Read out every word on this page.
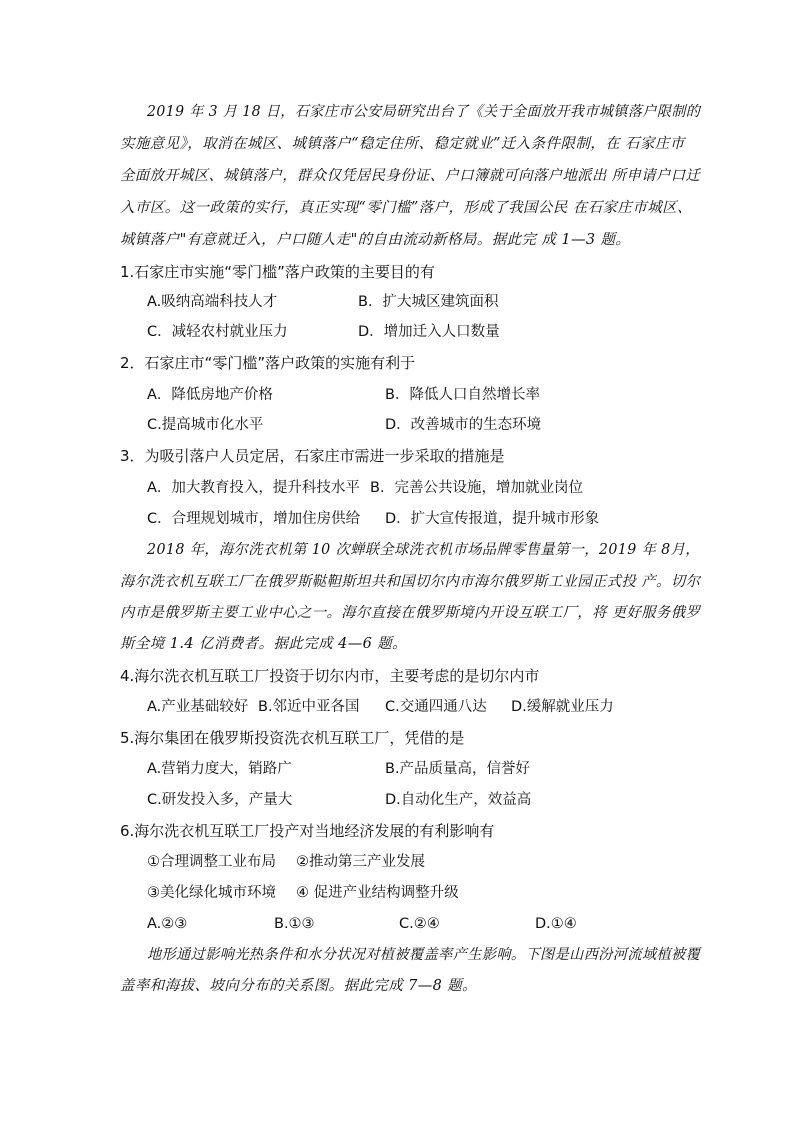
2019 年 3 月 18 日，石家庄市公安局研究出台了《关于全面放开我市城镇落户限制的
实施意见》，取消在城区、城镇落户“稳定住所、稳定就业”迁入条件限制，在 石家庄市
全面放开城区、城镇落户，群众仅凭居民身份证、户口簿就可向落户地派出 所申请户口迁
入市区。这一政策的实行，真正实现“零门槛”落户，形成了我国公民 在石家庄市城区、
城镇落户"有意就迁入，户口随人走"的自由流动新格局。据此完 成 1—3 题。
1.石家庄市实施“零门槛”落户政策的主要目的有
A.吸纳高端科技人才	B．扩大城区建筑面积
C．减轻农村就业压力	D．增加迁入人口数量
2．石家庄市“零门槛”落户政策的实施有利于
A．降低房地产价格	B．降低人口自然增长率
C.提高城市化水平	D．改善城市的生态环境
3．为吸引落户人员定居，石家庄市需进一步采取的措施是
A．加大教育投入，提升科技水平 B．完善公共设施，增加就业岗位
C．合理规划城市，增加住房供给 D．扩大宣传报道，提升城市形象
2018 年，海尔洗衣机第 10 次蝉联全球洗衣机市场品牌零售量第一，2019 年 8月，
海尔洗衣机互联工厂在俄罗斯鞑靼斯坦共和国切尔内市海尔俄罗斯工业园正式投 产。切尔
内市是俄罗斯主要工业中心之一。海尔直接在俄罗斯境内开设互联工厂，将 更好服务俄罗
斯全境 1.4 亿消费者。据此完成 4—6 题。
4.海尔洗衣机互联工厂投资于切尔内市，主要考虑的是切尔内市
A.产业基础较好 B.邻近中亚各国 C.交通四通八达 D.缓解就业压力
5.海尔集团在俄罗斯投资洗衣机互联工厂，凭借的是
A.营销力度大，销路广	B.产品质量高，信誉好
C.研发投入多，产量大	D.自动化生产，效益高
6.海尔洗衣机互联工厂投产对当地经济发展的有利影响有
①合理调整工业布局 ②推动第三产业发展
③美化绿化城市环境 ④ 促进产业结构调整升级
A.②③	B.①③	C.②④	D.①④
地形通过影响光热条件和水分状况对植被覆盖率产生影响。下图是山西汾河流域植被覆
盖率和海拔、坡向分布的关系图。据此完成 7—8 题。
